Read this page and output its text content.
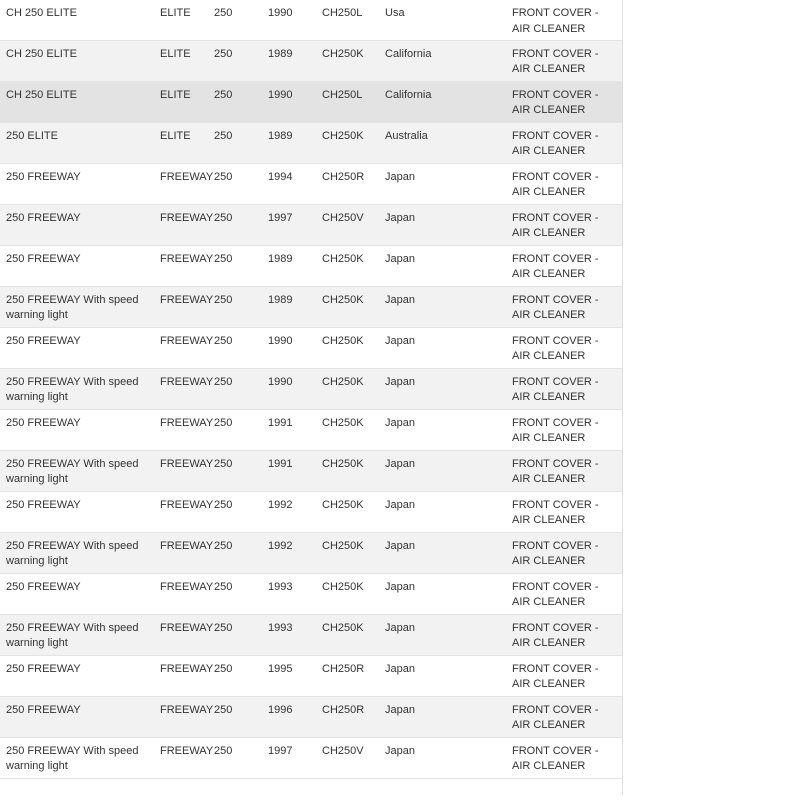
CH 250 ELITE	ELITE	250	1990	CH250L	Usa	FRONT COVER - AIR CLEANER
CH 250 ELITE	ELITE	250	1989	CH250K	California	FRONT COVER - AIR CLEANER
CH 250 ELITE	ELITE	250	1990	CH250L	California	FRONT COVER - AIR CLEANER
250 ELITE	ELITE	250	1989	CH250K	Australia	FRONT COVER - AIR CLEANER
250 FREEWAY	FREEWAY	250	1994	CH250R	Japan	FRONT COVER - AIR CLEANER
250 FREEWAY	FREEWAY	250	1997	CH250V	Japan	FRONT COVER - AIR CLEANER
250 FREEWAY	FREEWAY	250	1989	CH250K	Japan	FRONT COVER - AIR CLEANER
250 FREEWAY With speed warning light	FREEWAY	250	1989	CH250K	Japan	FRONT COVER - AIR CLEANER
250 FREEWAY	FREEWAY	250	1990	CH250K	Japan	FRONT COVER - AIR CLEANER
250 FREEWAY With speed warning light	FREEWAY	250	1990	CH250K	Japan	FRONT COVER - AIR CLEANER
250 FREEWAY	FREEWAY	250	1991	CH250K	Japan	FRONT COVER - AIR CLEANER
250 FREEWAY With speed warning light	FREEWAY	250	1991	CH250K	Japan	FRONT COVER - AIR CLEANER
250 FREEWAY	FREEWAY	250	1992	CH250K	Japan	FRONT COVER - AIR CLEANER
250 FREEWAY With speed warning light	FREEWAY	250	1992	CH250K	Japan	FRONT COVER - AIR CLEANER
250 FREEWAY	FREEWAY	250	1993	CH250K	Japan	FRONT COVER - AIR CLEANER
250 FREEWAY With speed warning light	FREEWAY	250	1993	CH250K	Japan	FRONT COVER - AIR CLEANER
250 FREEWAY	FREEWAY	250	1995	CH250R	Japan	FRONT COVER - AIR CLEANER
250 FREEWAY	FREEWAY	250	1996	CH250R	Japan	FRONT COVER - AIR CLEANER
250 FREEWAY With speed warning light	FREEWAY	250	1997	CH250V	Japan	FRONT COVER - AIR CLEANER
